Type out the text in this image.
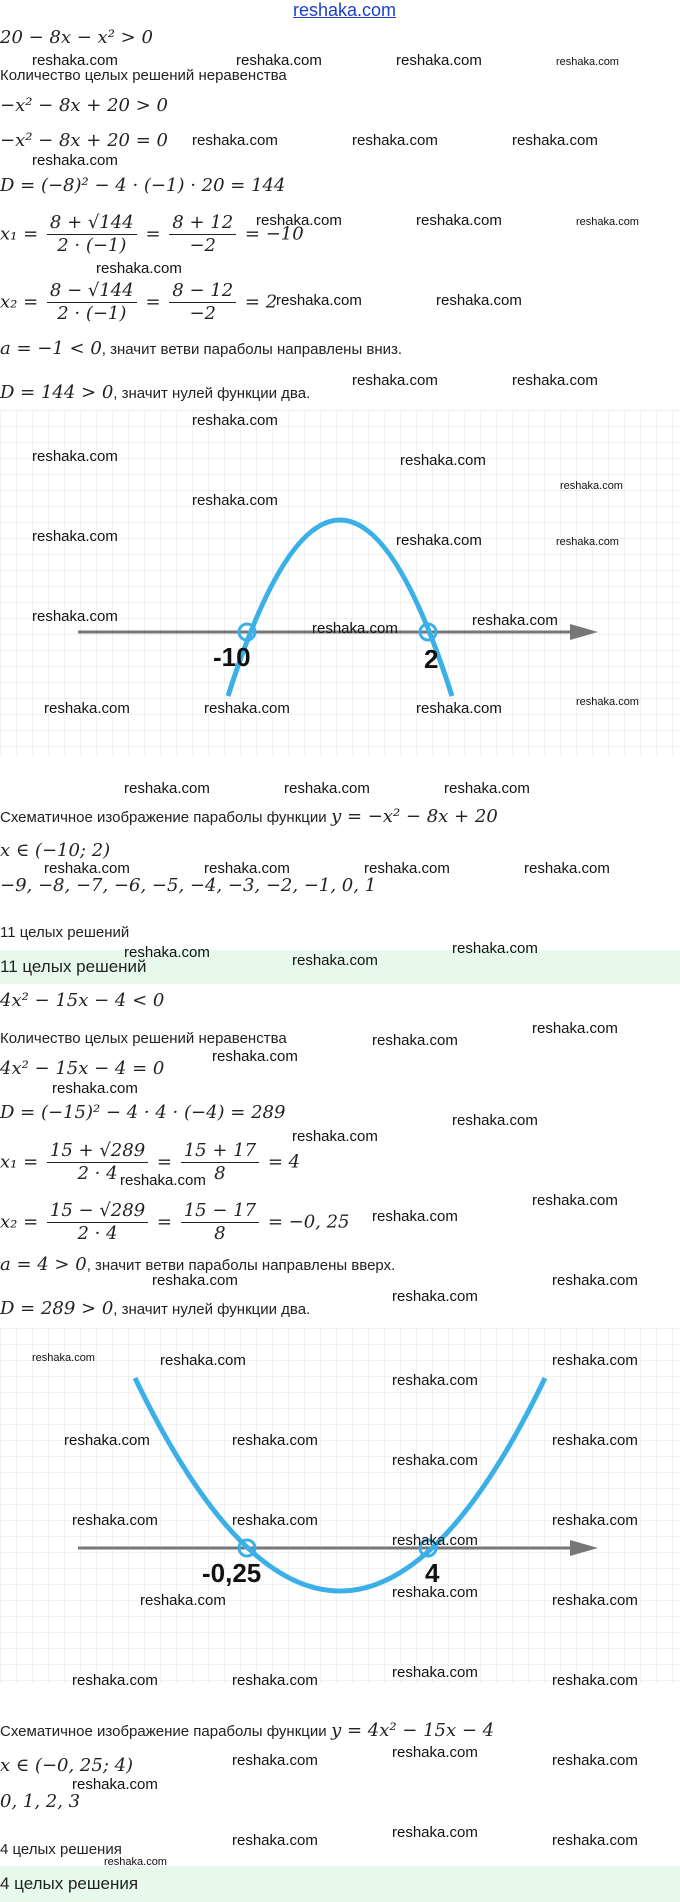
reshaka.com
20 − 8x − x² > 0
Количество целых решений неравенства
−x² − 8x + 20 > 0
−x² − 8x + 20 = 0
D = (−8)² − 4 · (−1) · 20 = 144
$x_1 = \frac{8 + √144}{2 \cdot (-1)} = \frac{8 + 12}{-2} = -10$
$x_2 = \frac{8 - √144}{2 \cdot (-1)} = \frac{8 - 12}{-2} = 2$
a = −1 < 0, значит ветви параболы направлены вниз.
D = 144 > 0, значит нулей функции два.
-10	2
Схематичное изображение параболы функции y = −x² − 8x + 20
x ∈ (−10; 2)
−9, −8, −7, −6, −5, −4, −3, −2, −1, 0, 1
11 целых решений
11 целых решений
4x² − 15x − 4 < 0
Количество целых решений неравенства
4x² − 15x − 4 = 0
D = (−15)² − 4 · 4 · (−4) = 289
$x_1 = \frac{15 + √289}{2 \cdot 4} = \frac{15 + 17}{8} = 4$
$x_2 = \frac{15 - √289}{2 \cdot 4} = \frac{15 - 17}{8} = -0$, 25
a = 4 > 0, значит ветви параболы направлены вверх.
D = 289 > 0, значит нулей функции два.
-0,25	4
Схематичное изображение параболы функции y = 4x² − 15x − 4
x ∈ (−0, 25; 4)
0, 1, 2, 3
4 целых решения
4 целых решения
reshaka.com	reshaka.com	reshaka.com	reshaka.com
reshaka.com	reshaka.com	reshaka.com
reshaka.com
reshaka.com	reshaka.com	reshaka.com
reshaka.com
reshaka.com	reshaka.com
reshaka.com	reshaka.com
reshaka.com
reshaka.com	reshaka.com
reshaka.com
reshaka.com
reshaka.com	reshaka.com	reshaka.com
reshaka.com
reshaka.com	reshaka.com
reshaka.com	reshaka.com	reshaka.com	reshaka.com
reshaka.com	reshaka.com	reshaka.com
reshaka.com	reshaka.com	reshaka.com	reshaka.com
reshaka.com	reshaka.com
reshaka.com
reshaka.com
reshaka.com
reshaka.com
reshaka.com
reshaka.com
reshaka.com
reshaka.com
reshaka.com
reshaka.com
reshaka.com
reshaka.com
reshaka.com
reshaka.com	reshaka.com
reshaka.com
reshaka.com
reshaka.com	reshaka.com
reshaka.com
reshaka.com
reshaka.com	reshaka.com
reshaka.com
reshaka.com
reshaka.com	reshaka.com	reshaka.com
reshaka.com	reshaka.com	reshaka.com	reshaka.com
reshaka.com	reshaka.com	reshaka.com
reshaka.com
reshaka.com	reshaka.com	reshaka.com
reshaka.com
